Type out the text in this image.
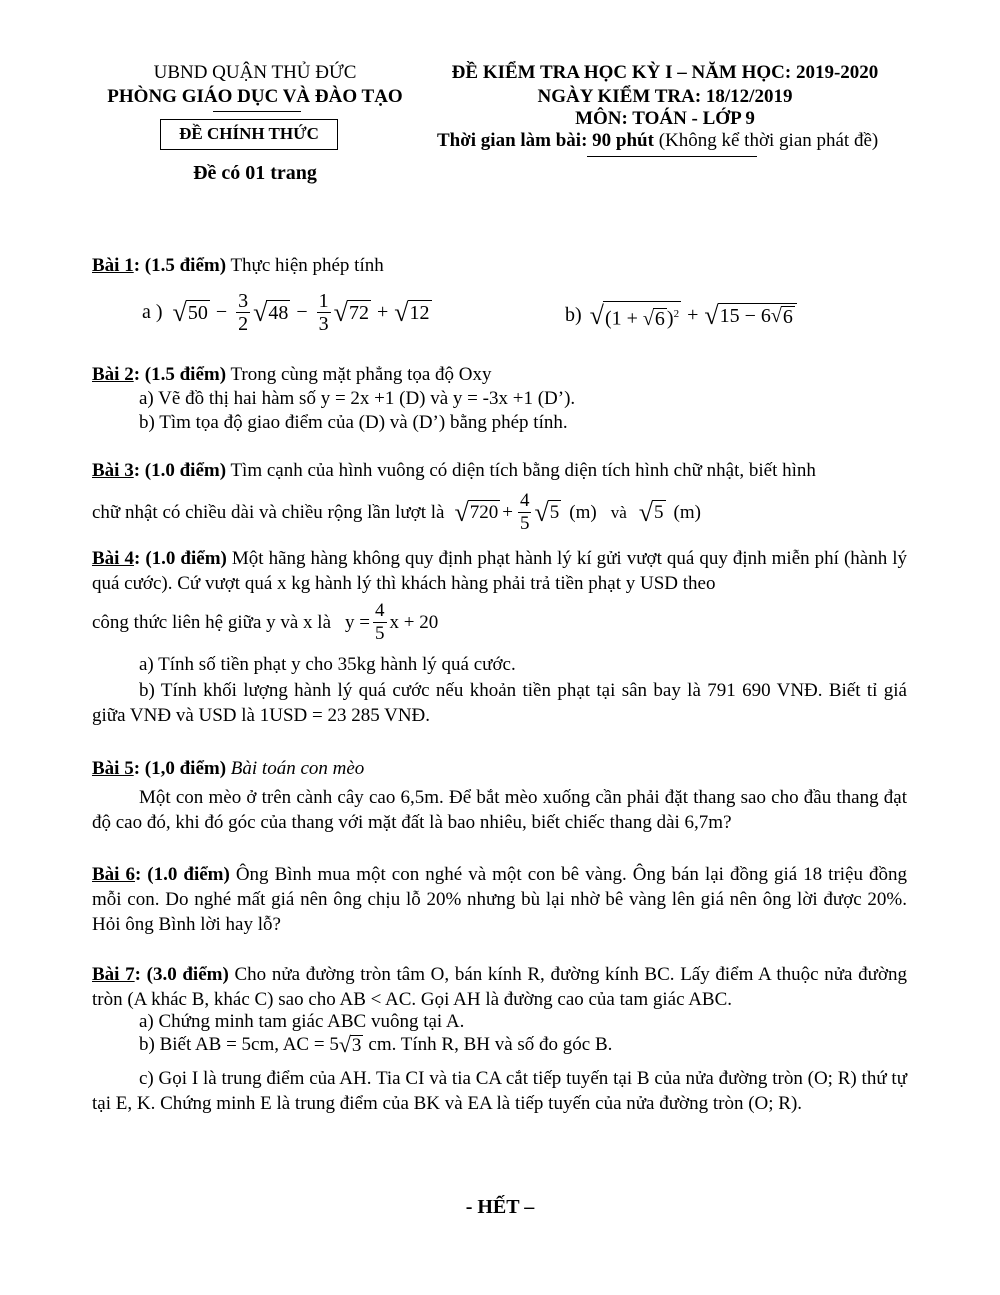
UBND QUẬN THỦ ĐỨC
PHÒNG GIÁO DỤC VÀ ĐÀO TẠO
ĐỀ CHÍNH THỨC
Đề có 01 trang
ĐỀ KIỂM TRA HỌC KỲ I – NĂM HỌC: 2019-2020
NGÀY KIỂM TRA: 18/12/2019
MÔN: TOÁN - LỚP 9
Thời gian làm bài: 90 phút (Không kể thời gian phát đề)
Bài 1: (1.5 điểm) Thực hiện phép tính
a ) √ $50 - \frac{3}{2}$ √ $48 - \frac{1}{3}$ √ 72 + √ 12	b) √ (1 + √ 6 )$^2$ + √ 15 − 6 √ 6
Bài 2: (1.5 điểm) Trong cùng mặt phẳng tọa độ Oxy
a) Vẽ đồ thị hai hàm số y = 2x +1 (D) và y = -3x +1 (D’).
b) Tìm tọa độ giao điểm của (D) và (D’) bằng phép tính.
Bài 3: (1.0 điểm) Tìm cạnh của hình vuông có diện tích bằng diện tích hình chữ nhật, biết hình
chữ nhật có chiều dài và chiều rộng lần lượt là √ $720 + \frac{4}{5}$ √ 5 (m) và √ 5 (m)
Bài 4: (1.0 điểm) Một hãng hàng không quy định phạt hành lý kí gửi vượt quá quy định miễn phí (hành lý quá cước). Cứ vượt quá x kg hành lý thì khách hàng phải trả tiền phạt y USD theo
công thức liên hệ giữa y và x là $y = \frac{4}{5}$ x + 20
a) Tính số tiền phạt y cho 35kg hành lý quá cước.
b) Tính khối lượng hành lý quá cước nếu khoản tiền phạt tại sân bay là 791 690 VNĐ. Biết tỉ giá giữa VNĐ và USD là 1USD = 23 285 VNĐ.
Bài 5: (1,0 điểm) Bài toán con mèo
Một con mèo ở trên cành cây cao 6,5m. Để bắt mèo xuống cần phải đặt thang sao cho đầu thang đạt độ cao đó, khi đó góc của thang với mặt đất là bao nhiêu, biết chiếc thang dài 6,7m?
Bài 6: (1.0 điểm) Ông Bình mua một con nghé và một con bê vàng. Ông bán lại đồng giá 18 triệu đồng mỗi con. Do nghé mất giá nên ông chịu lỗ 20% nhưng bù lại nhờ bê vàng lên giá nên ông lời được 20%. Hỏi ông Bình lời hay lỗ?
Bài 7: (3.0 điểm) Cho nửa đường tròn tâm O, bán kính R, đường kính BC. Lấy điểm A thuộc nửa đường tròn (A khác B, khác C) sao cho AB < AC. Gọi AH là đường cao của tam giác ABC.
a) Chứng minh tam giác ABC vuông tại A.
b) Biết AB = 5cm, AC = 5 √ 3 cm. Tính R, BH và số đo góc B.
c) Gọi I là trung điểm của AH. Tia CI và tia CA cắt tiếp tuyến tại B của nửa đường tròn (O; R) thứ tự tại E, K. Chứng minh E là trung điểm của BK và EA là tiếp tuyến của nửa đường tròn (O; R).
- HẾT –
